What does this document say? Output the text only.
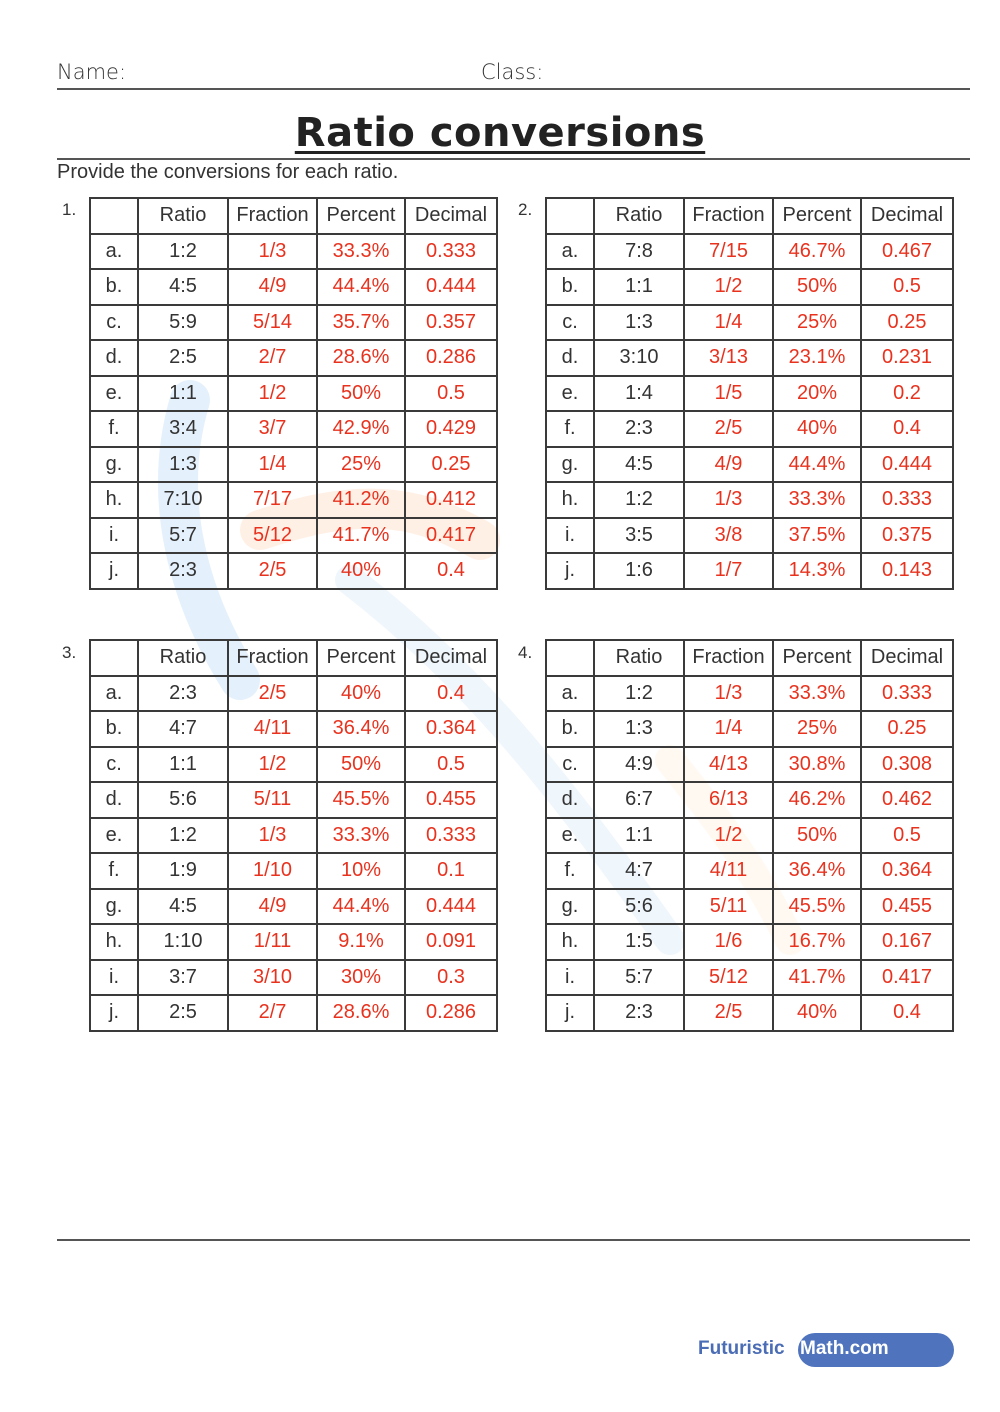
Name:	Class:
Ratio conversions
Provide the conversions for each ratio.
1.
		Ratio	Fraction	Percent	Decimal
a.	1:2	1/3	33.3%	0.333
b.	4:5	4/9	44.4%	0.444
c.	5:9	5/14	35.7%	0.357
d.	2:5	2/7	28.6%	0.286
e.	1:1	1/2	50%	0.5
f.	3:4	3/7	42.9%	0.429
g.	1:3	1/4	25%	0.25
h.	7:10	7/17	41.2%	0.412
i.	5:7	5/12	41.7%	0.417
j.	2:3	2/5	40%	0.4
2.
		Ratio	Fraction	Percent	Decimal
a.	7:8	7/15	46.7%	0.467
b.	1:1	1/2	50%	0.5
c.	1:3	1/4	25%	0.25
d.	3:10	3/13	23.1%	0.231
e.	1:4	1/5	20%	0.2
f.	2:3	2/5	40%	0.4
g.	4:5	4/9	44.4%	0.444
h.	1:2	1/3	33.3%	0.333
i.	3:5	3/8	37.5%	0.375
j.	1:6	1/7	14.3%	0.143
3.
		Ratio	Fraction	Percent	Decimal
a.	2:3	2/5	40%	0.4
b.	4:7	4/11	36.4%	0.364
c.	1:1	1/2	50%	0.5
d.	5:6	5/11	45.5%	0.455
e.	1:2	1/3	33.3%	0.333
f.	1:9	1/10	10%	0.1
g.	4:5	4/9	44.4%	0.444
h.	1:10	1/11	9.1%	0.091
i.	3:7	3/10	30%	0.3
j.	2:5	2/7	28.6%	0.286
4.
		Ratio	Fraction	Percent	Decimal
a.	1:2	1/3	33.3%	0.333
b.	1:3	1/4	25%	0.25
c.	4:9	4/13	30.8%	0.308
d.	6:7	6/13	46.2%	0.462
e.	1:1	1/2	50%	0.5
f.	4:7	4/11	36.4%	0.364
g.	5:6	5/11	45.5%	0.455
h.	1:5	1/6	16.7%	0.167
i.	5:7	5/12	41.7%	0.417
j.	2:3	2/5	40%	0.4
Math.com
Futuristic
